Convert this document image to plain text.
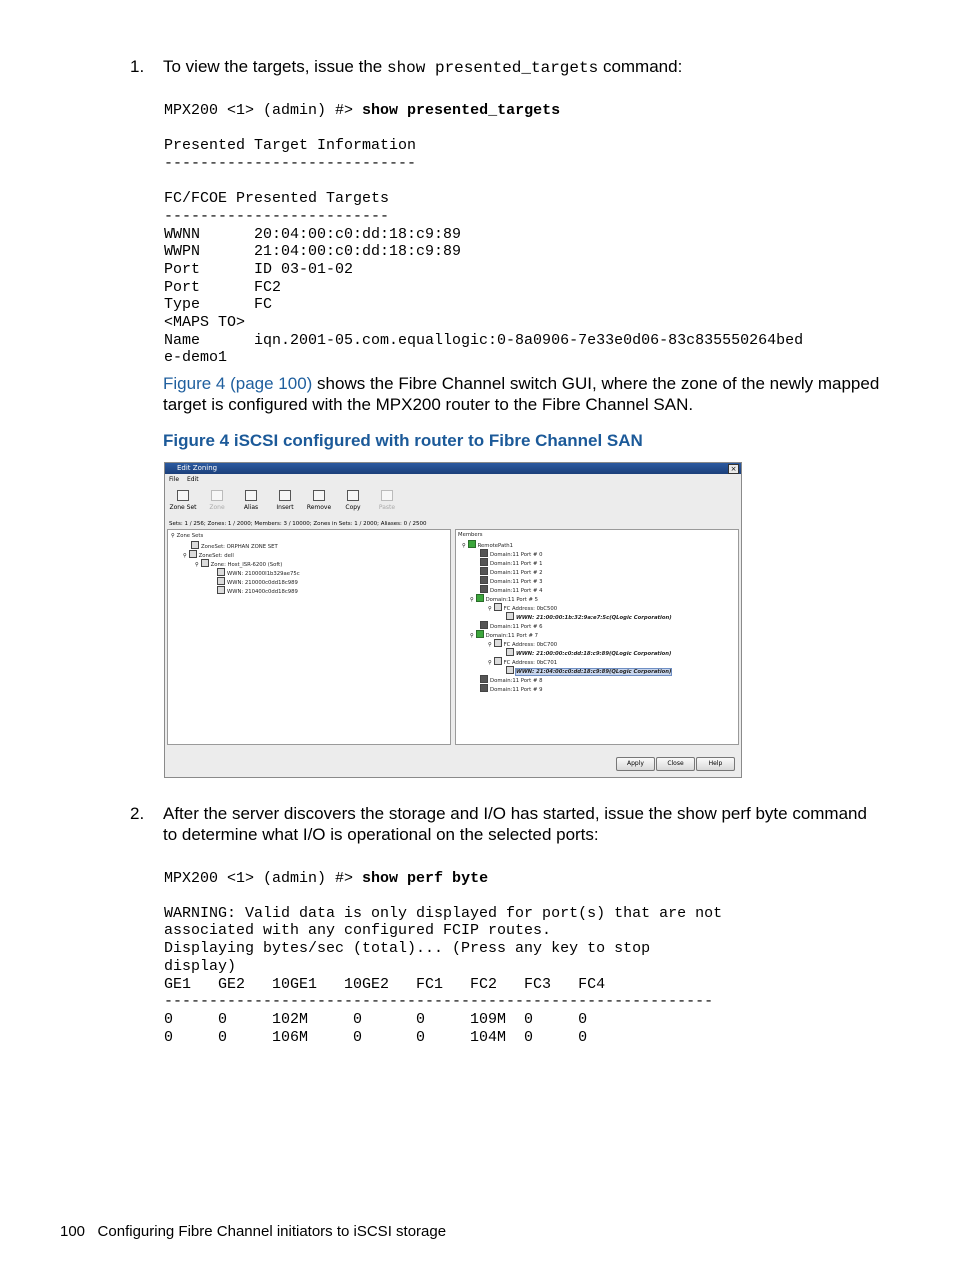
1. To view the targets, issue the show presented_targets command:
MPX200 <1> (admin) #> show presented_targets
Presented Target Information
----------------------------

FC/FCOE Presented Targets
-------------------------
WWNN      20:04:00:c0:dd:18:c9:89
WWPN      21:04:00:c0:dd:18:c9:89
Port      ID 03-01-02
Port      FC2
Type      FC
<MAPS TO>
Name      iqn.2001-05.com.equallogic:0-8a0906-7e33e0d06-83c835550264bed
e-demo1
Figure 4 (page 100) shows the Fibre Channel switch GUI, where the zone of the newly mapped
target is configured with the MPX200 router to the Fibre Channel SAN.
Figure 4 iSCSI configured with router to Fibre Channel SAN
Edit Zoning	×
File Edit
Zone Set	Zone	Alias	Insert	Remove	Copy	Paste
Sets: 1 / 256; Zones: 1 / 2000; Members: 3 / 10000; Zones in Sets: 1 / 2000; Aliases: 0 / 2500
⚲ Zone Sets
ZoneSet: ORPHAN ZONE SET
⚲ ZoneSet: dell
⚲ Zone: Host_ISR-6200 (Soft)
WWN: 210000I1b329ae75c
WWN: 210000c0dd18c989
WWN: 210400c0dd18c989
Members
⚲ RemotePath1
Domain:11 Port # 0
Domain:11 Port # 1
Domain:11 Port # 2
Domain:11 Port # 3
Domain:11 Port # 4
⚲ Domain:11 Port # 5
⚲ FC Address: 0bC500
WWN: 21:00:00:1b:32:9a:e7:5c(QLogic Corporation)
Domain:11 Port # 6
⚲ Domain:11 Port # 7
⚲ FC Address: 0bC700
WWN: 21:00:00:c0:dd:18:c9:89(QLogic Corporation)
⚲ FC Address: 0bC701
WWN: 21:04:00:c0:dd:18:c9:89(QLogic Corporation)
Domain:11 Port # 8
Domain:11 Port # 9
Apply	Close	Help
2. After the server discovers the storage and I/O has started, issue the show perf byte command
to determine what I/O is operational on the selected ports:
MPX200 <1> (admin) #> show perf byte

WARNING: Valid data is only displayed for port(s) that are not
associated with any configured FCIP routes.
Displaying bytes/sec (total)... (Press any key to stop
display)
GE1   GE2   10GE1   10GE2   FC1   FC2   FC3   FC4
-------------------------------------------------------------
0     0     102M     0      0     109M  0     0
0     0     106M     0      0     104M  0     0
100 Configuring Fibre Channel initiators to iSCSI storage
